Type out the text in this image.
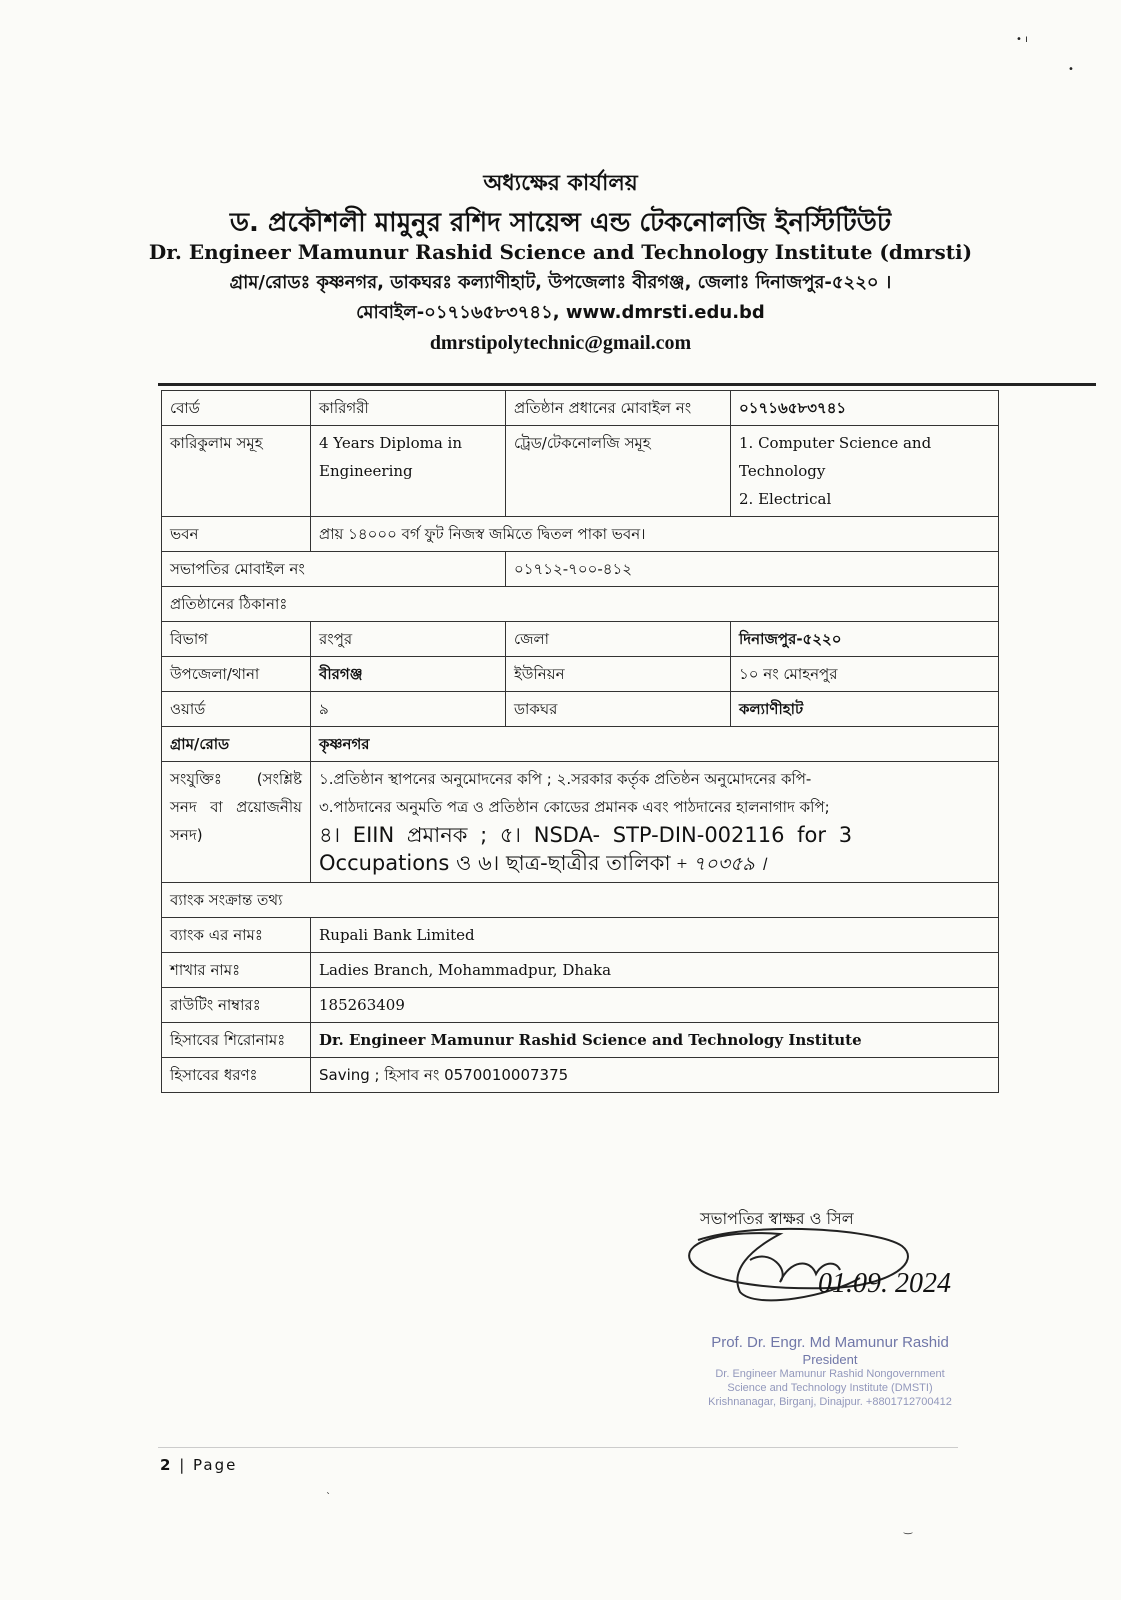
অধ্যক্ষের কার্যালয়
ড. প্রকৌশলী মামুনুর রশিদ সায়েন্স এন্ড টেকনোলজি ইনস্টিটিউট
Dr. Engineer Mamunur Rashid Science and Technology Institute (dmrsti)
গ্রাম/রোডঃ কৃষ্ণনগর, ডাকঘরঃ কল্যাণীহাট, উপজেলাঃ বীরগঞ্জ, জেলাঃ দিনাজপুর-৫২২০ ।
মোবাইল-০১৭১৬৫৮৩৭৪১, www.dmrsti.edu.bd
dmrstipolytechnic@gmail.com
বোর্ড	কারিগরী	প্রতিষ্ঠান প্রধানের মোবাইল নং	০১৭১৬৫৮৩৭৪১
কারিকুলাম সমূহ	4 Years Diploma in Engineering	ট্রেড/টেকনোলজি সমূহ	1. Computer Science and Technology
2. Electrical

ভবন	প্রায় ১৪০০০ বর্গ ফুট নিজস্ব জমিতে দ্বিতল পাকা ভবন।		
সভাপতির মোবাইল নং		০১৭১২-৭০০-৪১২	
প্রতিষ্ঠানের ঠিকানাঃ			
বিভাগ	রংপুর	জেলা	দিনাজপুর-৫২২০
উপজেলা/থানা	বীরগঞ্জ	ইউনিয়ন	১০ নং মোহনপুর
ওয়ার্ড	৯	ডাকঘর	কল্যাণীহাট
গ্রাম/রোড	কৃষ্ণনগর		
সংযুক্তিঃ (সংশ্লিষ্ট সনদ বা প্রয়োজনীয় সনদ)	১.প্রতিষ্ঠান স্থাপনের অনুমোদনের কপি ; ২.সরকার কর্তৃক প্রতিষ্ঠন অনুমোদনের কপি-
৩.পাঠদানের অনুমতি পত্র ও প্রতিষ্ঠান কোডের প্রমানক এবং পাঠদানের হালনাগাদ কপি;
৪। EIIN প্রমানক ; ৫। NSDA- STP-DIN-002116 for 3
Occupations ও ৬। ছাত্র-ছাত্রীর তালিকা + ৭০৩৫৯ ।		

ব্যাংক সংক্রান্ত তথ্য			
ব্যাংক এর নামঃ	Rupali Bank Limited		
শাখার নামঃ	Ladies Branch, Mohammadpur, Dhaka		
রাউটিং নাম্বারঃ	185263409		
হিসাবের শিরোনামঃ	Dr. Engineer Mamunur Rashid Science and Technology Institute		
হিসাবের ধরণঃ	Saving ; হিসাব নং 0570010007375		
সভাপতির স্বাক্ষর ও সিল
01.09. 2024
Prof. Dr. Engr. Md Mamunur Rashid
President
Dr. Engineer Mamunur Rashid Nongovernment
Science and Technology Institute (DMSTI)
Krishnanagar, Birganj, Dinajpur. +8801712700412
2 | Page
• ı
•
ˋ
‿
